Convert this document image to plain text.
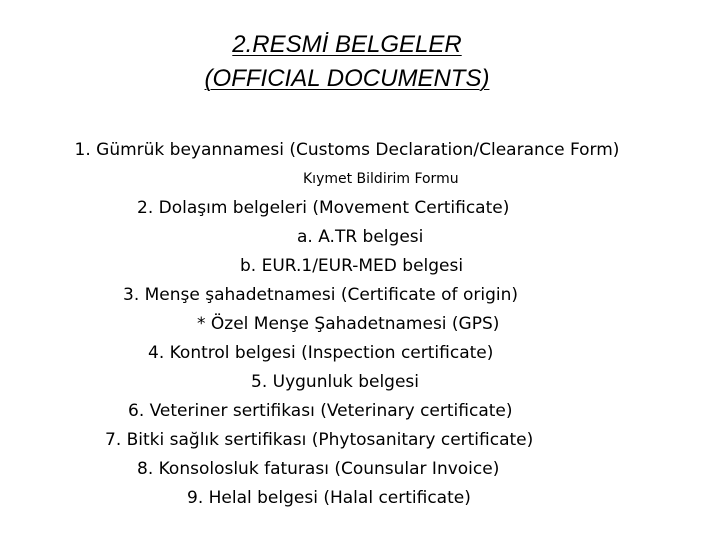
2.RESMİ BELGELER
(OFFICIAL DOCUMENTS)
1. Gümrük beyannamesi (Customs Declaration/Clearance Form)
Kıymet Bildirim Formu
2. Dolaşım belgeleri (Movement Certificate)
a. A.TR belgesi
b. EUR.1/EUR-MED belgesi
3. Menşe şahadetnamesi (Certificate of origin)
* Özel Menşe Şahadetnamesi (GPS)
4. Kontrol belgesi (Inspection certificate)
5. Uygunluk belgesi
6. Veteriner sertifikası (Veterinary certificate)
7. Bitki sağlık sertifikası (Phytosanitary certificate)
8. Konsolosluk faturası (Counsular Invoice)
9. Helal belgesi (Halal certificate)
